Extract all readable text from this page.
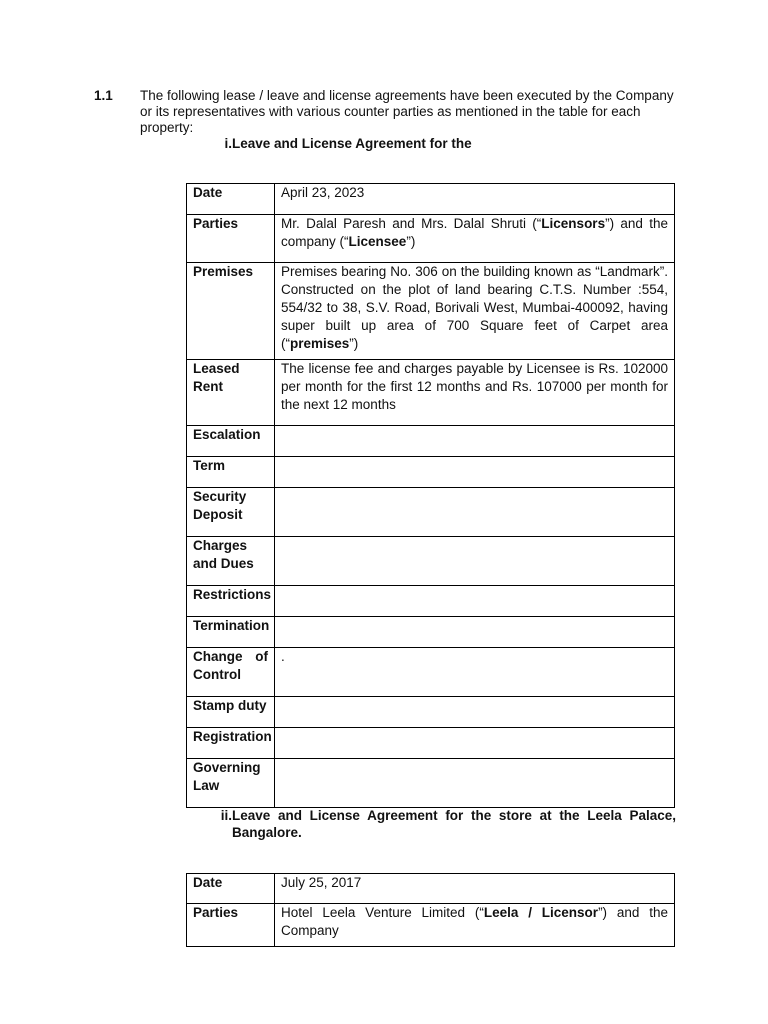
1.1 The following lease / leave and license agreements have been executed by the Company or its representatives with various counter parties as mentioned in the table for each property:
i. Leave and License Agreement for the
Date	April 23, 2023
Parties	Mr. Dalal Paresh and Mrs. Dalal Shruti (“Licensors”) and the company (“Licensee”)
Premises	Premises bearing No. 306 on the building known as “Landmark”. Constructed on the plot of land bearing C.T.S. Number :554, 554/32 to 38, S.V. Road, Borivali West, Mumbai-400092, having super built up area of 700 Square feet of Carpet area (“premises”)
Leased Rent	The license fee and charges payable by Licensee is Rs. 102000 per month for the first 12 months and Rs. 107000 per month for the next 12 months
Escalation	
Term	
Security Deposit	
Charges and Dues	
Restrictions	
Termination	
Change of Control	.
Stamp duty	
Registration	
Governing Law	
ii. Leave and License Agreement for the store at the Leela Palace, Bangalore.
Date	July 25, 2017
Parties	Hotel Leela Venture Limited (“Leela / Licensor”) and the Company
